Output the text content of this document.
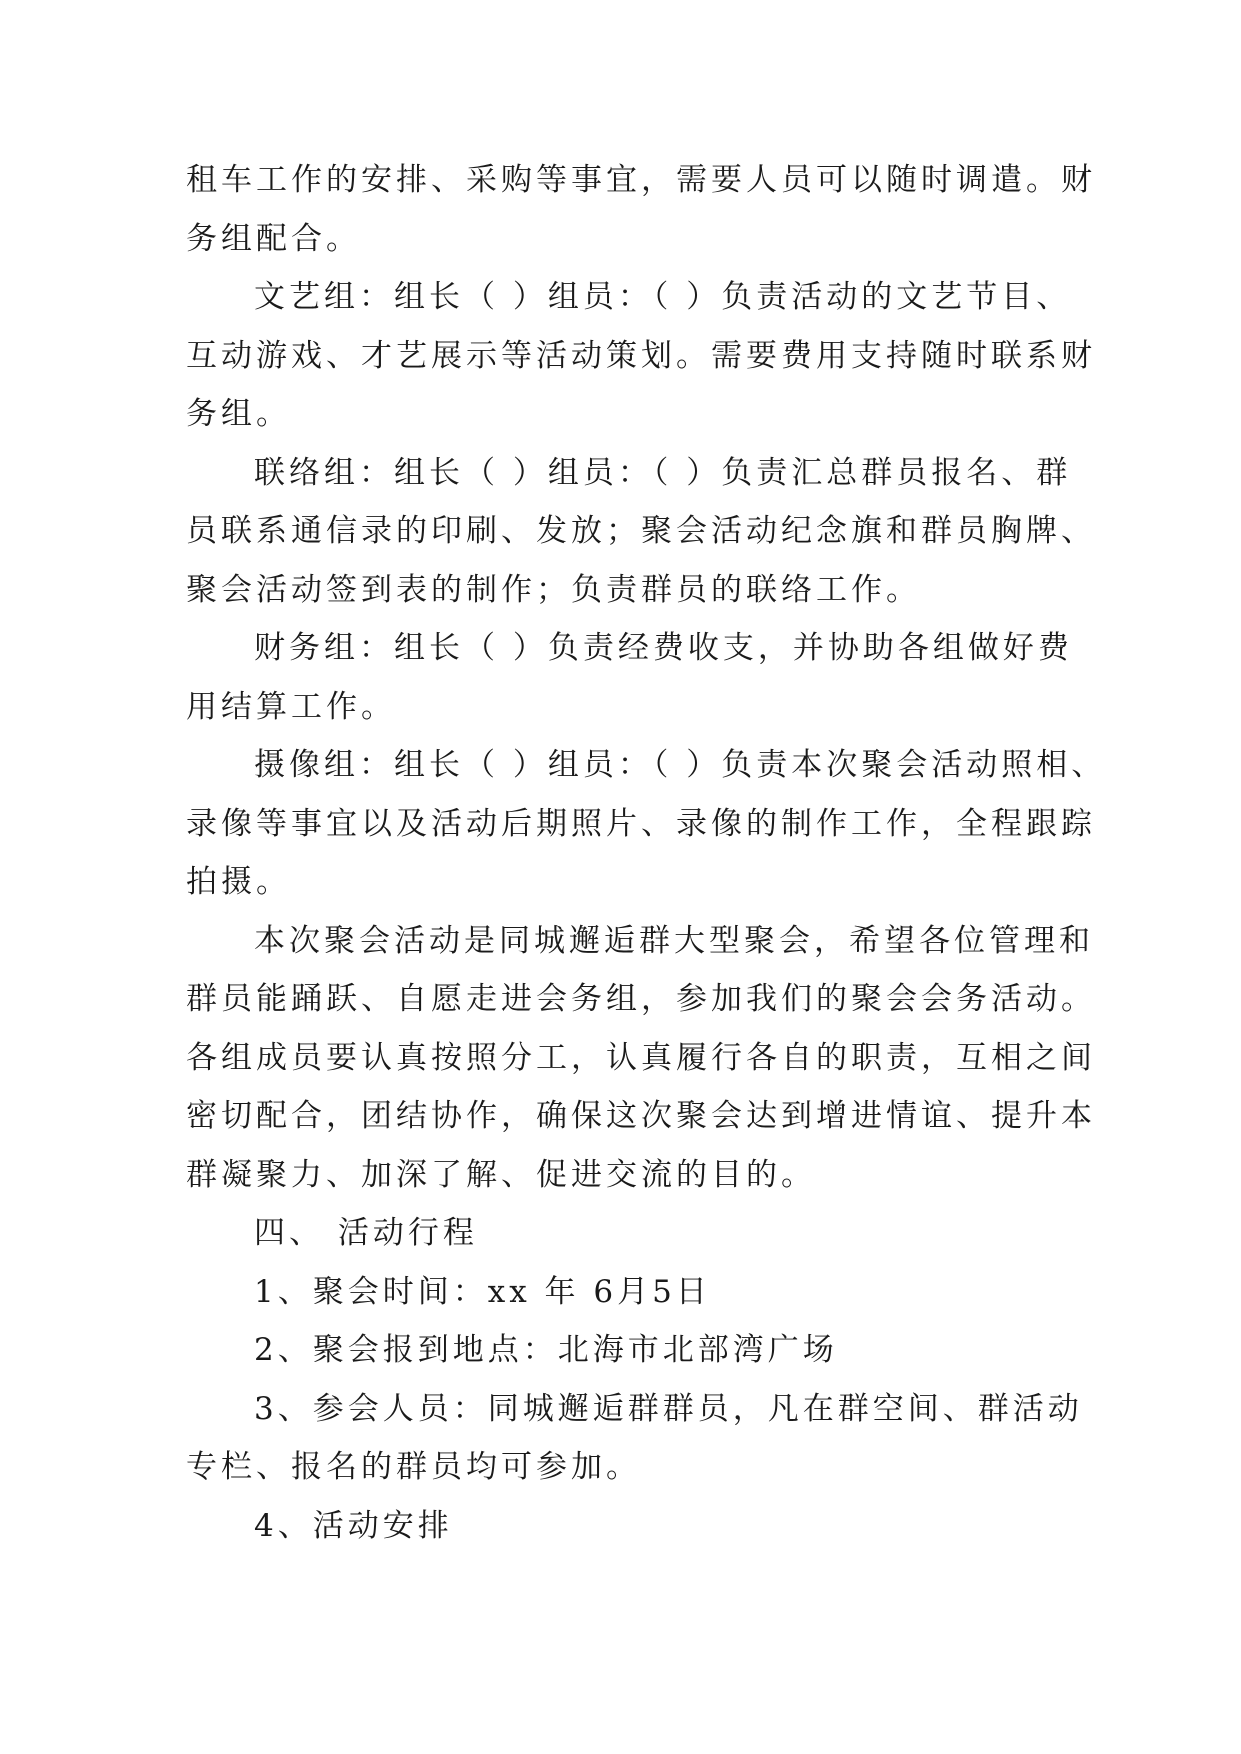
租车工作的安排、采购等事宜，需要人员可以随时调遣。财
务组配合。
文艺组：组长（ ）组员：（ ）负责活动的文艺节目、
互动游戏、才艺展示等活动策划。需要费用支持随时联系财
务组。
联络组：组长（ ）组员：（ ）负责汇总群员报名、群
员联系通信录的印刷、发放；聚会活动纪念旗和群员胸牌、
聚会活动签到表的制作；负责群员的联络工作。
财务组：组长（ ）负责经费收支，并协助各组做好费
用结算工作。
摄像组：组长（ ）组员：（ ）负责本次聚会活动照相、
录像等事宜以及活动后期照片、录像的制作工作，全程跟踪
拍摄。
本次聚会活动是同城邂逅群大型聚会，希望各位管理和
群员能踊跃、自愿走进会务组，参加我们的聚会会务活动。
各组成员要认真按照分工，认真履行各自的职责，互相之间
密切配合，团结协作，确保这次聚会达到增进情谊、提升本
群凝聚力、加深了解、促进交流的目的。
四、 活动行程
1、聚会时间：xx 年 6月5日
2、聚会报到地点：北海市北部湾广场
3、参会人员：同城邂逅群群员，凡在群空间、群活动
专栏、报名的群员均可参加。
4、活动安排
